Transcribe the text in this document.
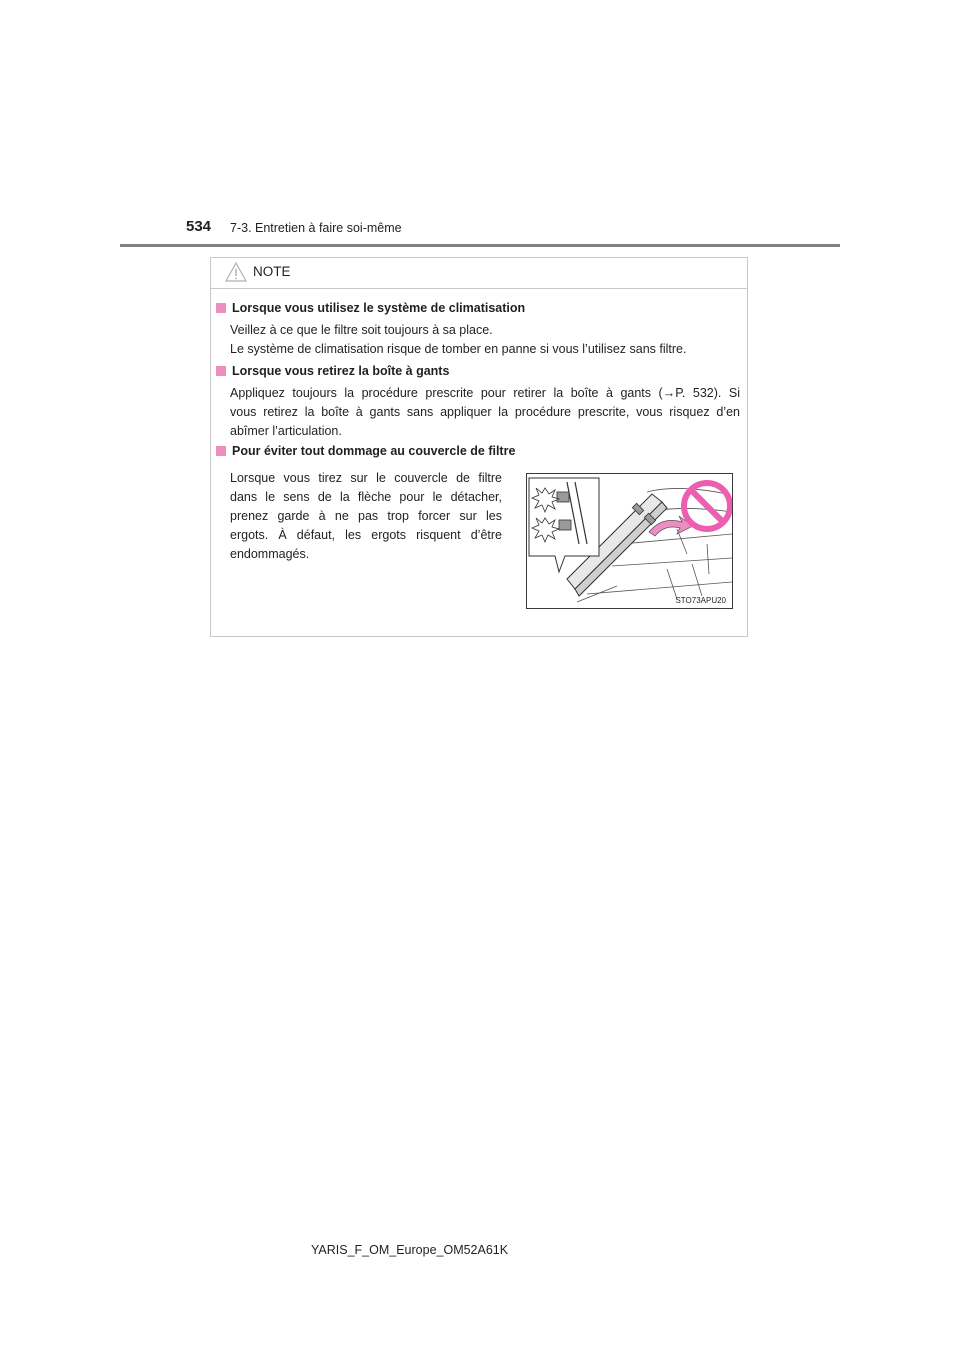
534 7-3. Entretien à faire soi-même
NOTE
Lorsque vous utilisez le système de climatisation
Veillez à ce que le filtre soit toujours à sa place.
Le système de climatisation risque de tomber en panne si vous l’utilisez sans filtre.
Lorsque vous retirez la boîte à gants
Appliquez toujours la procédure prescrite pour retirer la boîte à gants (→P. 532). Si
vous retirez la boîte à gants sans appliquer la procédure prescrite, vous risquez d’en
abîmer l’articulation.
Pour éviter tout dommage au couvercle de filtre
Lorsque vous tirez sur le couvercle de filtre
dans le sens de la flèche pour le détacher,
prenez garde à ne pas trop forcer sur les
ergots. À défaut, les ergots risquent d’être
endommagés.
STO73APU20
YARIS_F_OM_Europe_OM52A61K
